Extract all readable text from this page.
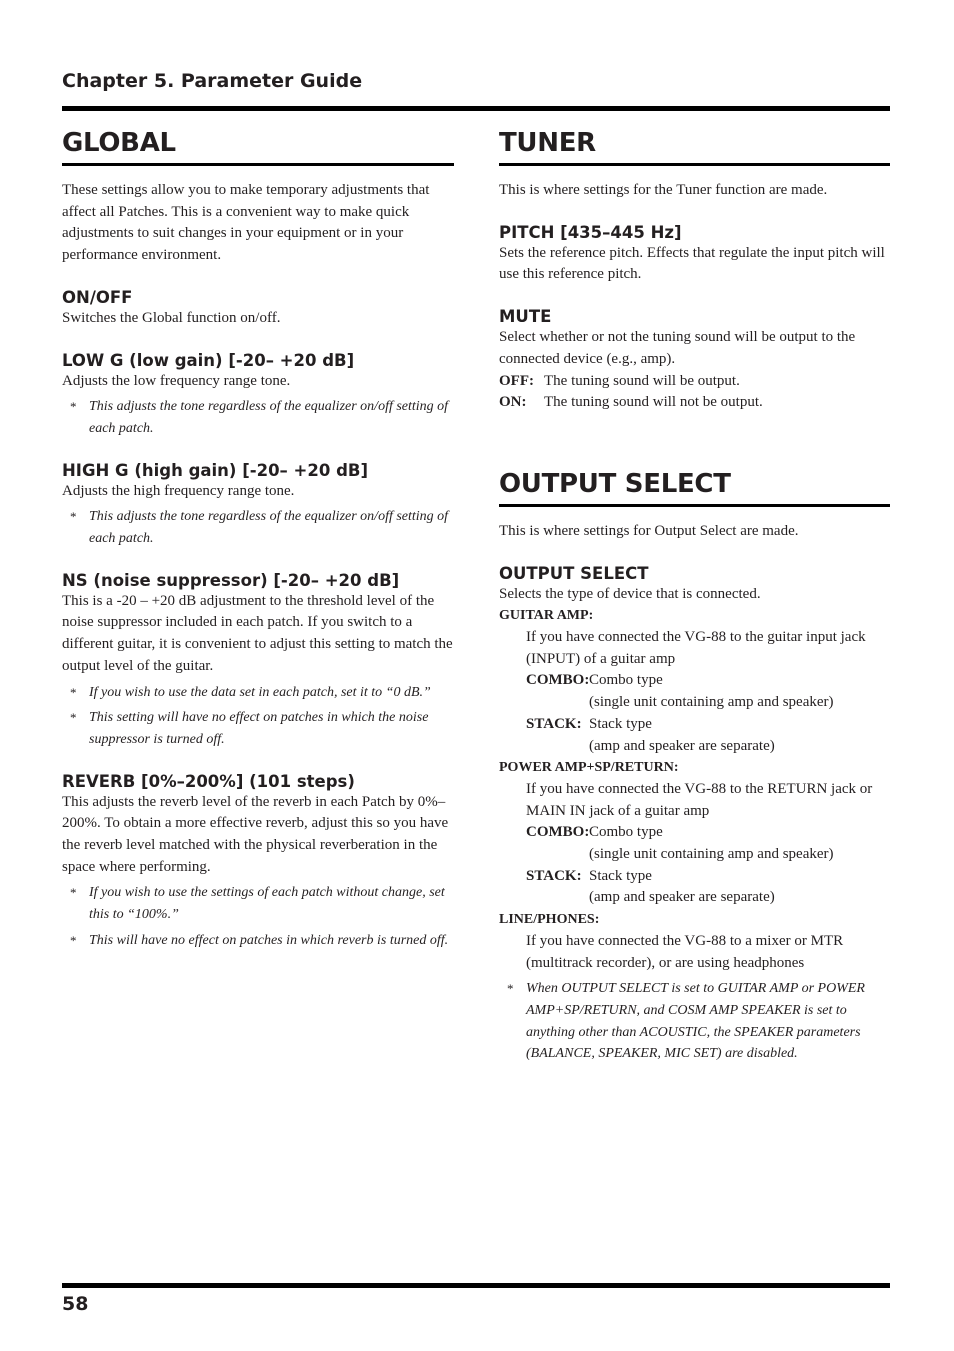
Chapter 5. Parameter Guide
GLOBAL

These settings allow you to make temporary adjustments that affect all Patches. This is a convenient way to make quick adjustments to suit changes in your equipment or in your performance environment.

ON/OFF

Switches the Global function on/off.

LOW G (low gain) [-20– +20 dB]

Adjusts the low frequency range tone.

* This adjusts the tone regardless of the equalizer on/off setting of each patch.

HIGH G (high gain) [-20– +20 dB]

Adjusts the high frequency range tone.

* This adjusts the tone regardless of the equalizer on/off setting of each patch.

NS (noise suppressor) [-20– +20 dB]

This is a -20 – +20 dB adjustment to the threshold level of the noise suppressor included in each patch. If you switch to a different guitar, it is convenient to adjust this setting to match the output level of the guitar.

* If you wish to use the data set in each patch, set it to “0 dB.”

* This setting will have no effect on patches in which the noise suppressor is turned off.

REVERB [0%–200%] (101 steps)

This adjusts the reverb level of the reverb in each Patch by 0%–200%. To obtain a more effective reverb, adjust this so you have the reverb level matched with the physical reverberation in the space where performing.

* If you wish to use the settings of each patch without change, set this to “100%.”

* This will have no effect on patches in which reverb is turned off.

TUNER

This is where settings for the Tuner function are made.

PITCH [435–445 Hz]

Sets the reference pitch. Effects that regulate the input pitch will use this reference pitch.

MUTE

Select whether or not the tuning sound will be output to the connected device (e.g., amp).

OFF: The tuning sound will be output.
ON:	The tuning sound will not be output.
OUTPUT SELECT

This is where settings for Output Select are made.

OUTPUT SELECT

Selects the type of device that is connected.

GUITAR AMP:

If you have connected the VG-88 to the guitar input jack (INPUT) of a guitar amp

COMBO: Combo type

(single unit containing amp and speaker)

STACK: Stack type

(amp and speaker are separate)

POWER AMP+SP/RETURN:

If you have connected the VG-88 to the RETURN jack or MAIN IN jack of a guitar amp

COMBO: Combo type

(single unit containing amp and speaker)

STACK: Stack type

(amp and speaker are separate)

LINE/PHONES:

If you have connected the VG-88 to a mixer or MTR (multitrack recorder), or are using headphones

* When OUTPUT SELECT is set to GUITAR AMP or POWER AMP+SP/RETURN, and COSM AMP SPEAKER is set to anything other than ACOUSTIC, the SPEAKER parameters (BALANCE, SPEAKER, MIC SET) are disabled.

58
